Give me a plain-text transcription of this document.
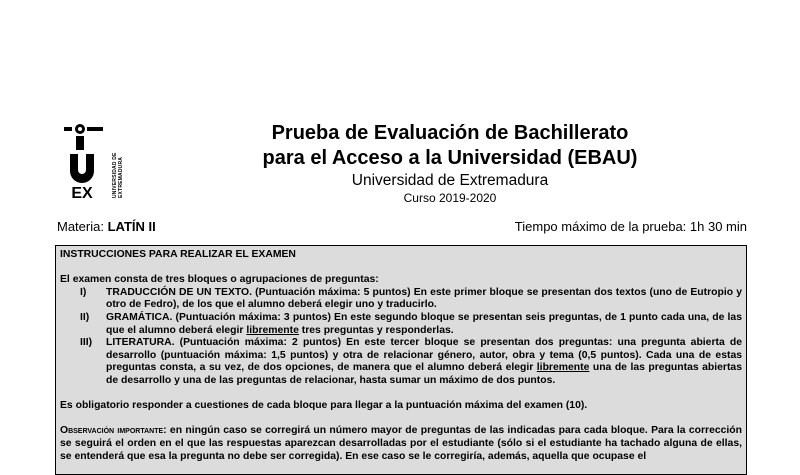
EX	UNIVERSIDAD DE EXTREMADURA
Prueba de Evaluación de Bachillerato
para el Acceso a la Universidad (EBAU)
Universidad de Extremadura
Curso 2019-2020
Materia: LATÍN II	Tiempo máximo de la prueba: 1h 30 min

INSTRUCCIONES PARA REALIZAR EL EXAMEN

El examen consta de tres bloques o agrupaciones de preguntas:

I)	TRADUCCIÓN DE UN TEXTO. (Puntuación máxima: 5 puntos) En este primer bloque se presentan dos textos (uno de Eutropio y otro de Fedro), de los que el alumno deberá elegir uno y traducirlo.
II)	GRAMÁTICA. (Puntuación máxima: 3 puntos) En este segundo bloque se presentan seis preguntas, de 1 punto cada una, de las que el alumno deberá elegir libremente tres preguntas y responderlas.
III)	LITERATURA. (Puntuación máxima: 2 puntos) En este tercer bloque se presentan dos preguntas: una pregunta abierta de desarrollo (puntuación máxima: 1,5 puntos) y otra de relacionar género, autor, obra y tema (0,5 puntos). Cada una de estas preguntas consta, a su vez, de dos opciones, de manera que el alumno deberá elegir libremente una de las preguntas abiertas de desarrollo y una de las preguntas de relacionar, hasta sumar un máximo de dos puntos.

Es obligatorio responder a cuestiones de cada bloque para llegar a la puntuación máxima del examen (10).

Observación importante: en ningún caso se corregirá un número mayor de preguntas de las indicadas para cada bloque. Para la corrección se seguirá el orden en el que las respuestas aparezcan desarrolladas por el estudiante (sólo si el estudiante ha tachado alguna de ellas, se entenderá que esa la pregunta no debe ser corregida). En ese caso se le corregiría, además, aquella que ocupase el
